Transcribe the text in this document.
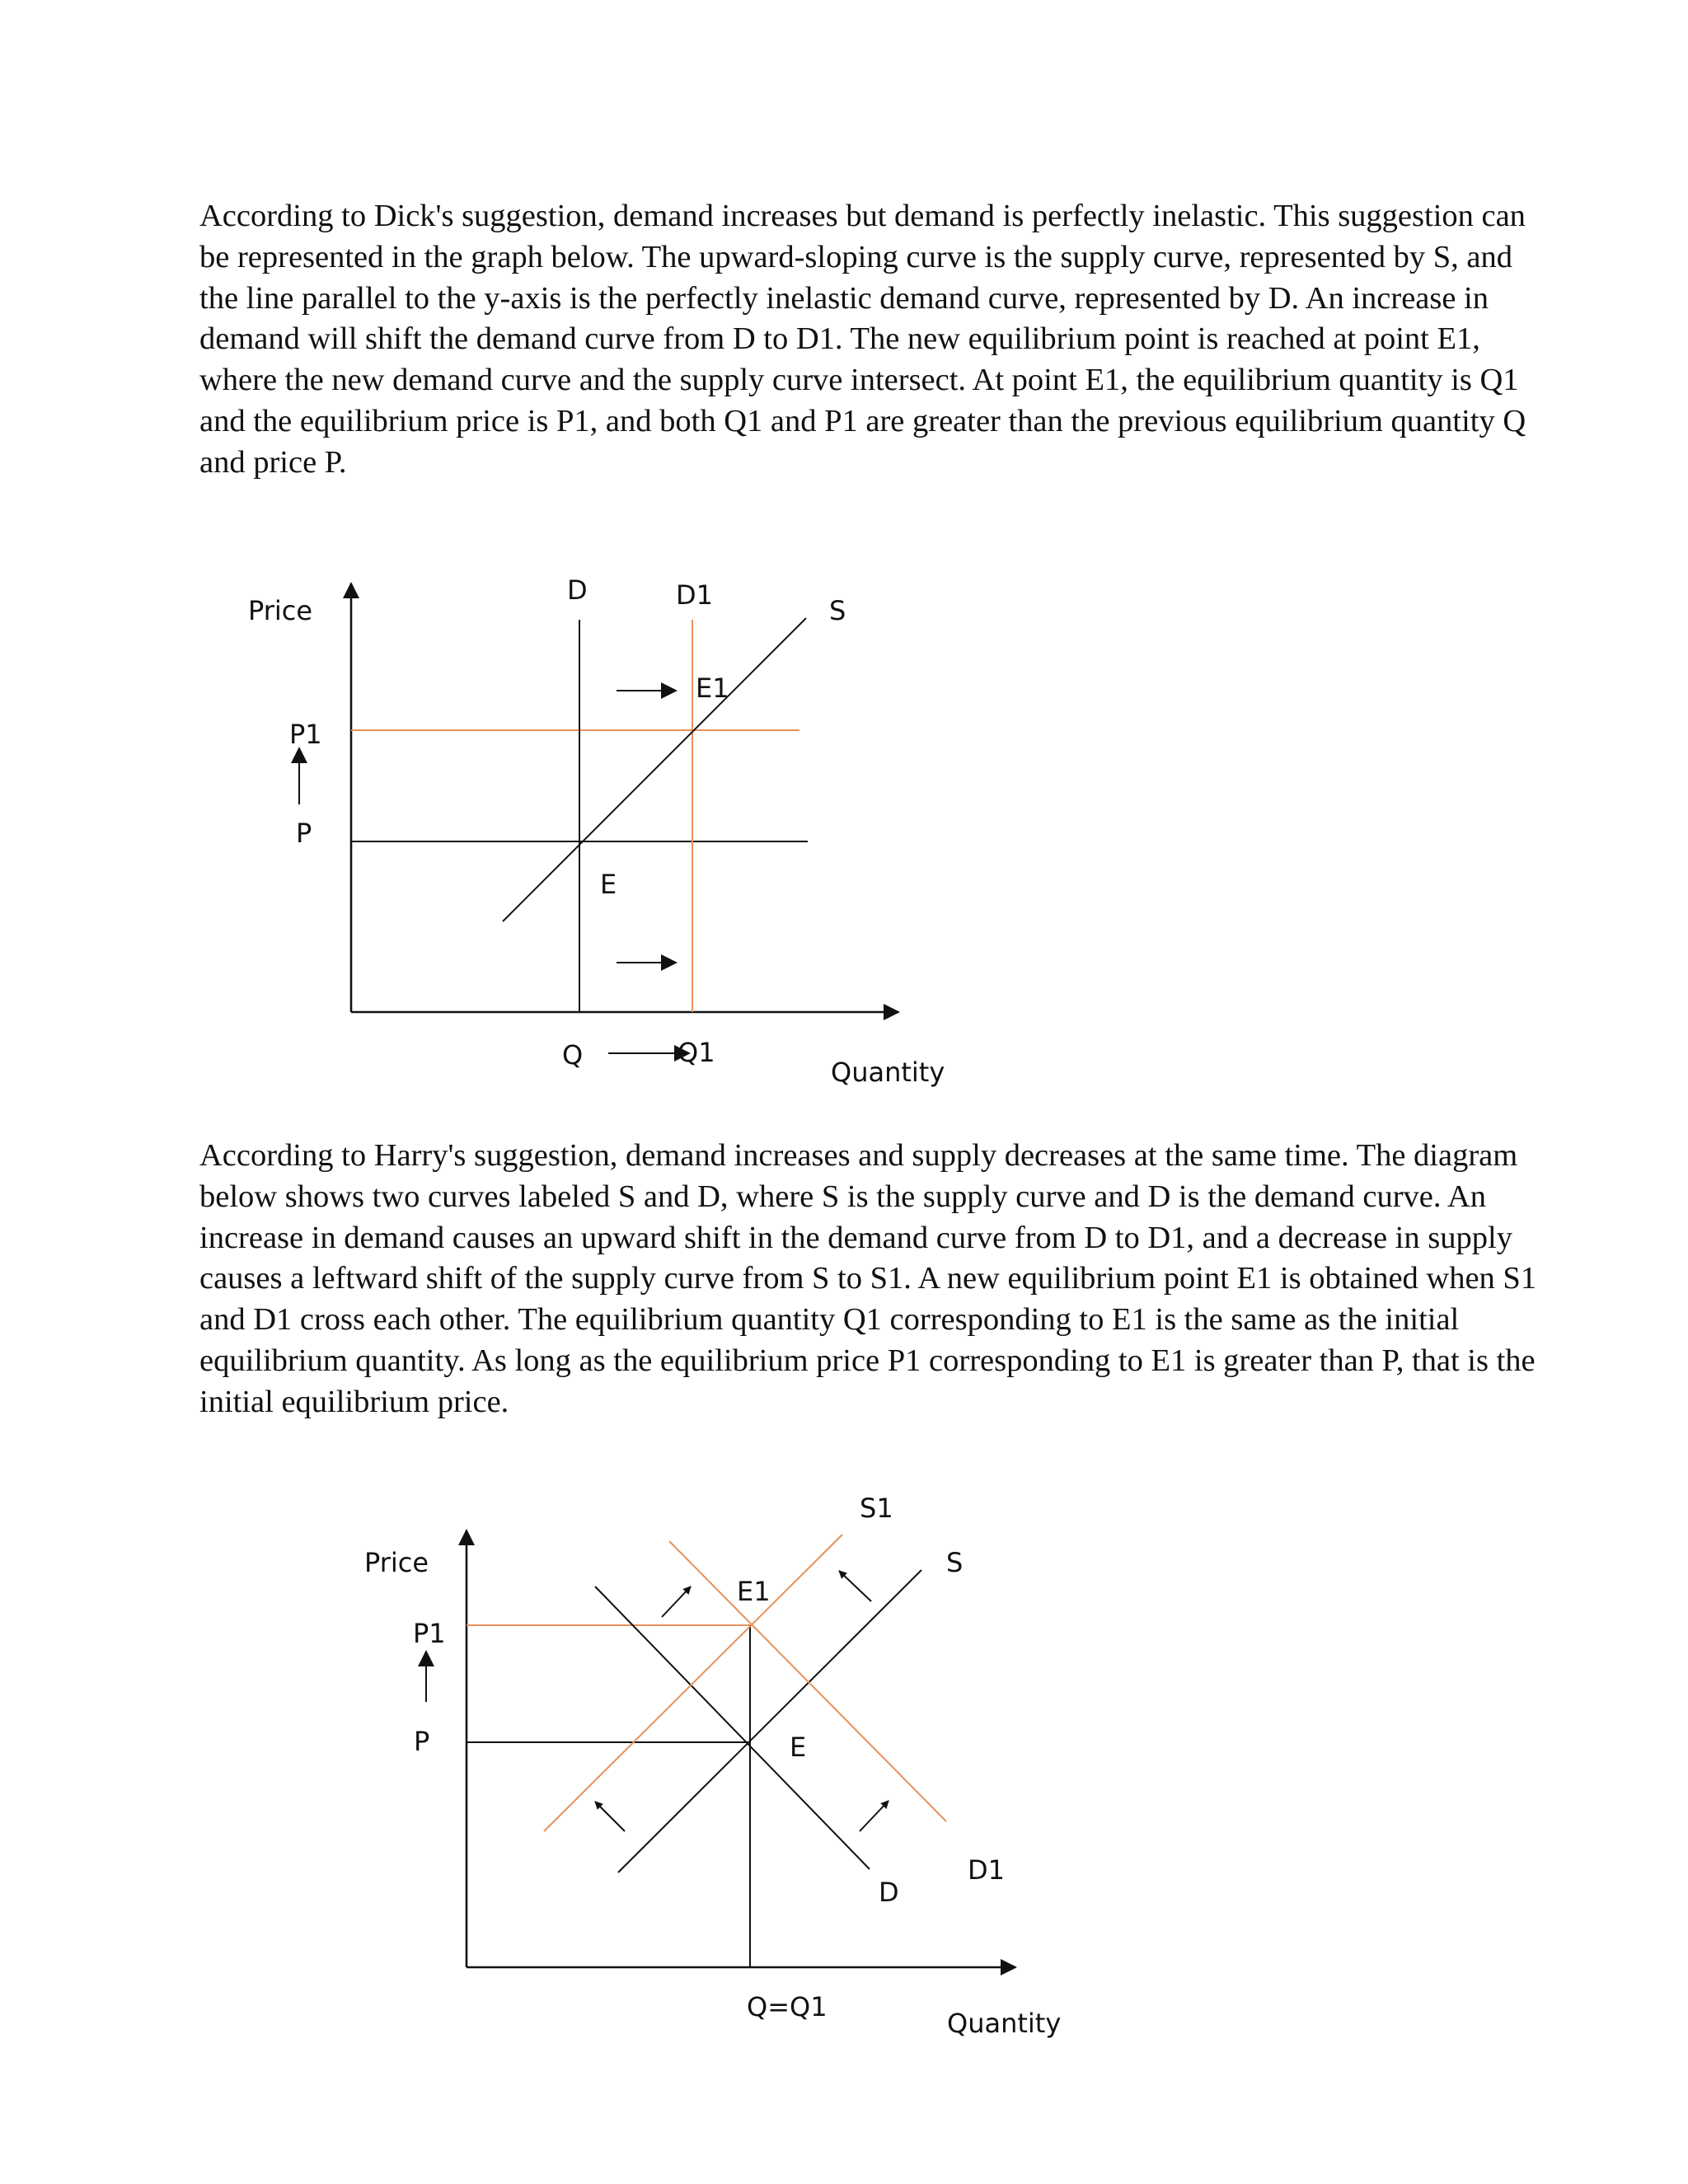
According to Dick's suggestion, demand increases but demand is perfectly inelastic. This suggestion can be represented in the graph below. The upward-sloping curve is the supply curve, represented by S, and the line parallel to the y-axis is the perfectly inelastic demand curve, represented by D. An increase in demand will shift the demand curve from D to D1. The new equilibrium point is reached at point E1, where the new demand curve and the supply curve intersect. At point E1, the equilibrium quantity is Q1 and the equilibrium price is P1, and both Q1 and P1 are greater than the previous equilibrium quantity Q and price P.

Price
D	D1	S
E1
P1
P
E
Q	Q1
Quantity

According to Harry's suggestion, demand increases and supply decreases at the same time. The diagram below shows two curves labeled S and D, where S is the supply curve and D is the demand curve. An increase in demand causes an upward shift in the demand curve from D to D1, and a decrease in supply causes a leftward shift of the supply curve from S to S1. A new equilibrium point E1 is obtained when S1 and D1 cross each other. The equilibrium quantity Q1 corresponding to E1 is the same as the initial equilibrium quantity. As long as the equilibrium price P1 corresponding to E1 is greater than P, that is the initial equilibrium price.

S1
Price	S
E1
P1
P	E
D1
D
Q=Q1
Quantity
